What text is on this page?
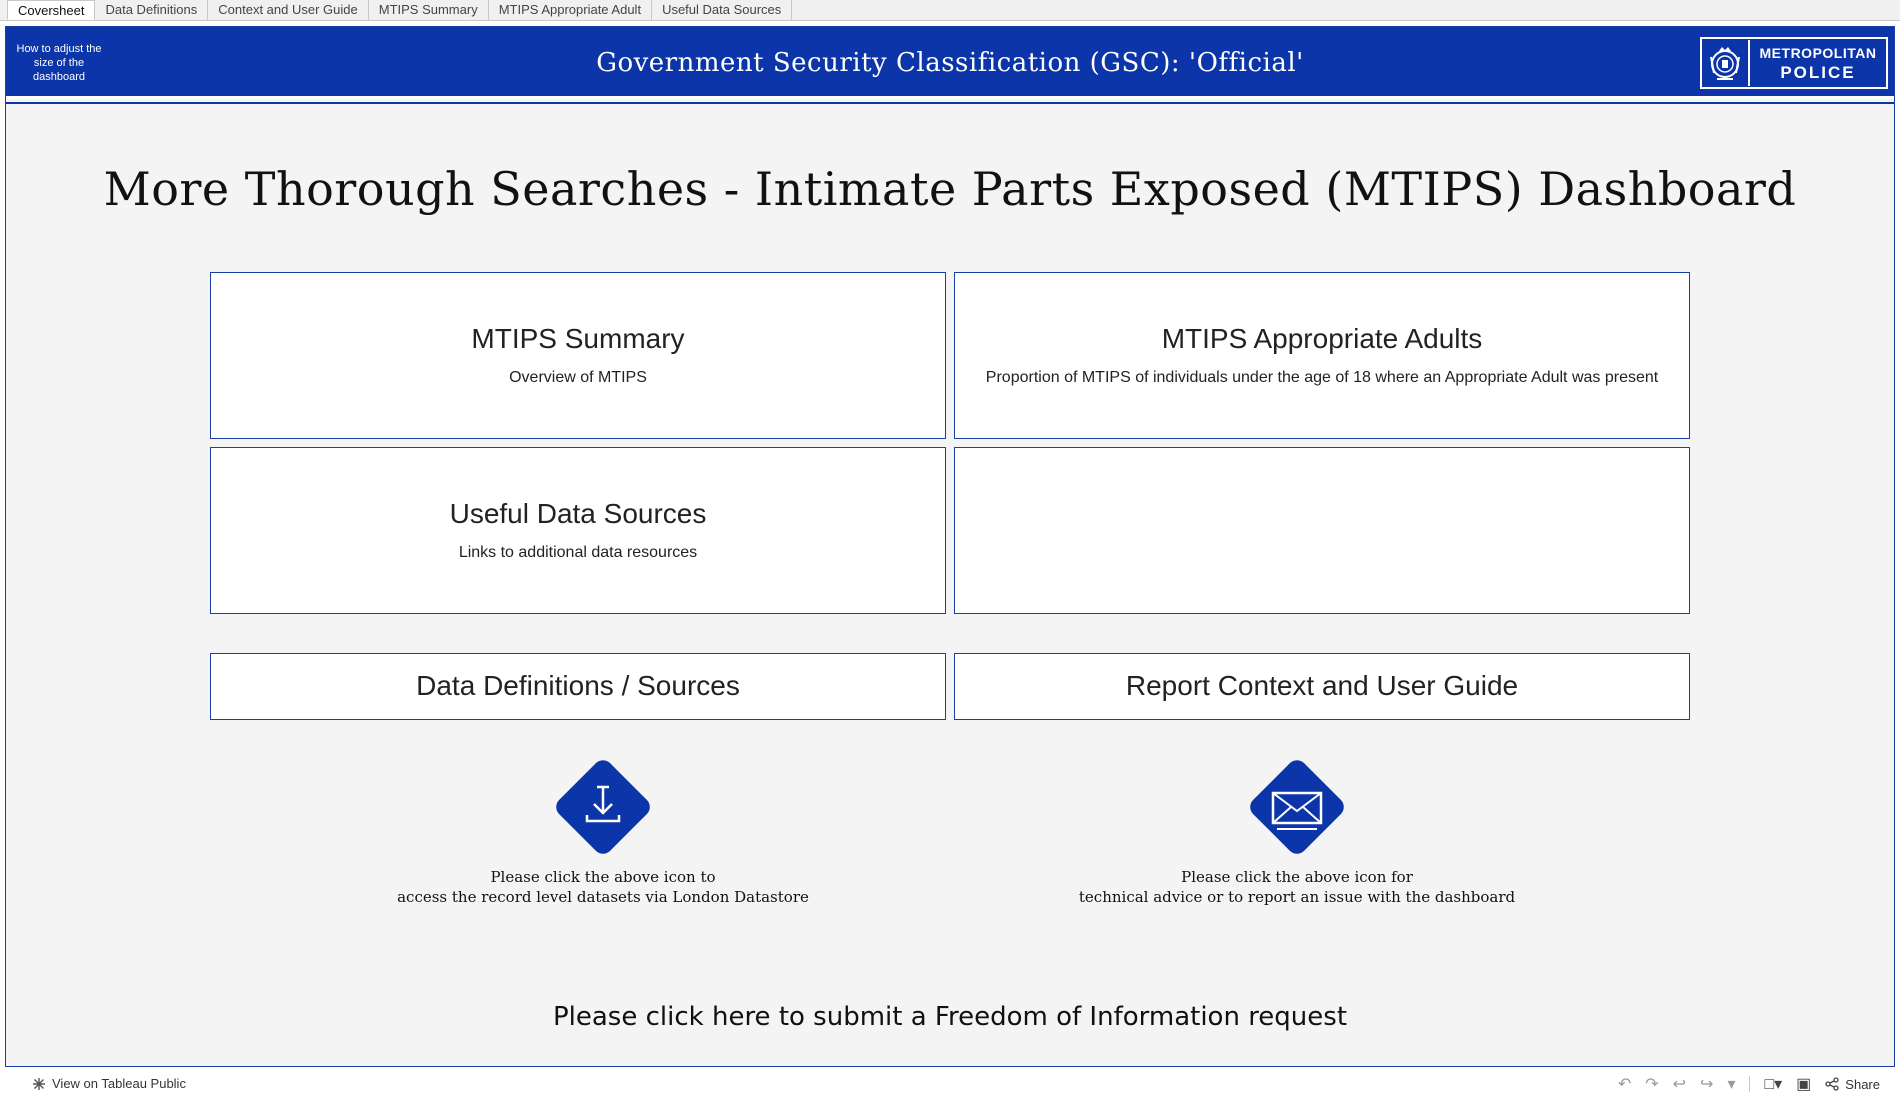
Coversheet	Data Definitions	Context and User Guide	MTIPS Summary	MTIPS Appropriate Adult	Useful Data Sources
How to adjust the size of the dashboard	Government Security Classification (GSC): 'Official'	METROPOLITAN
POLICE
More Thorough Searches - Intimate Parts Exposed (MTIPS) Dashboard
MTIPS Summary
Overview of MTIPS
MTIPS Appropriate Adults
Proportion of MTIPS of individuals under the age of 18 where an Appropriate Adult was present
Useful Data Sources
Links to additional data resources
Data Definitions / Sources	Report Context and User Guide
Please click the above icon to
access the record level datasets via London Datastore
Please click the above icon for
technical advice or to report an issue with the dashboard
Please click here to submit a Freedom of Information request
View on Tableau Public	↶ ↷ ↩ ↪ ▾ □▾ ▣	Share
